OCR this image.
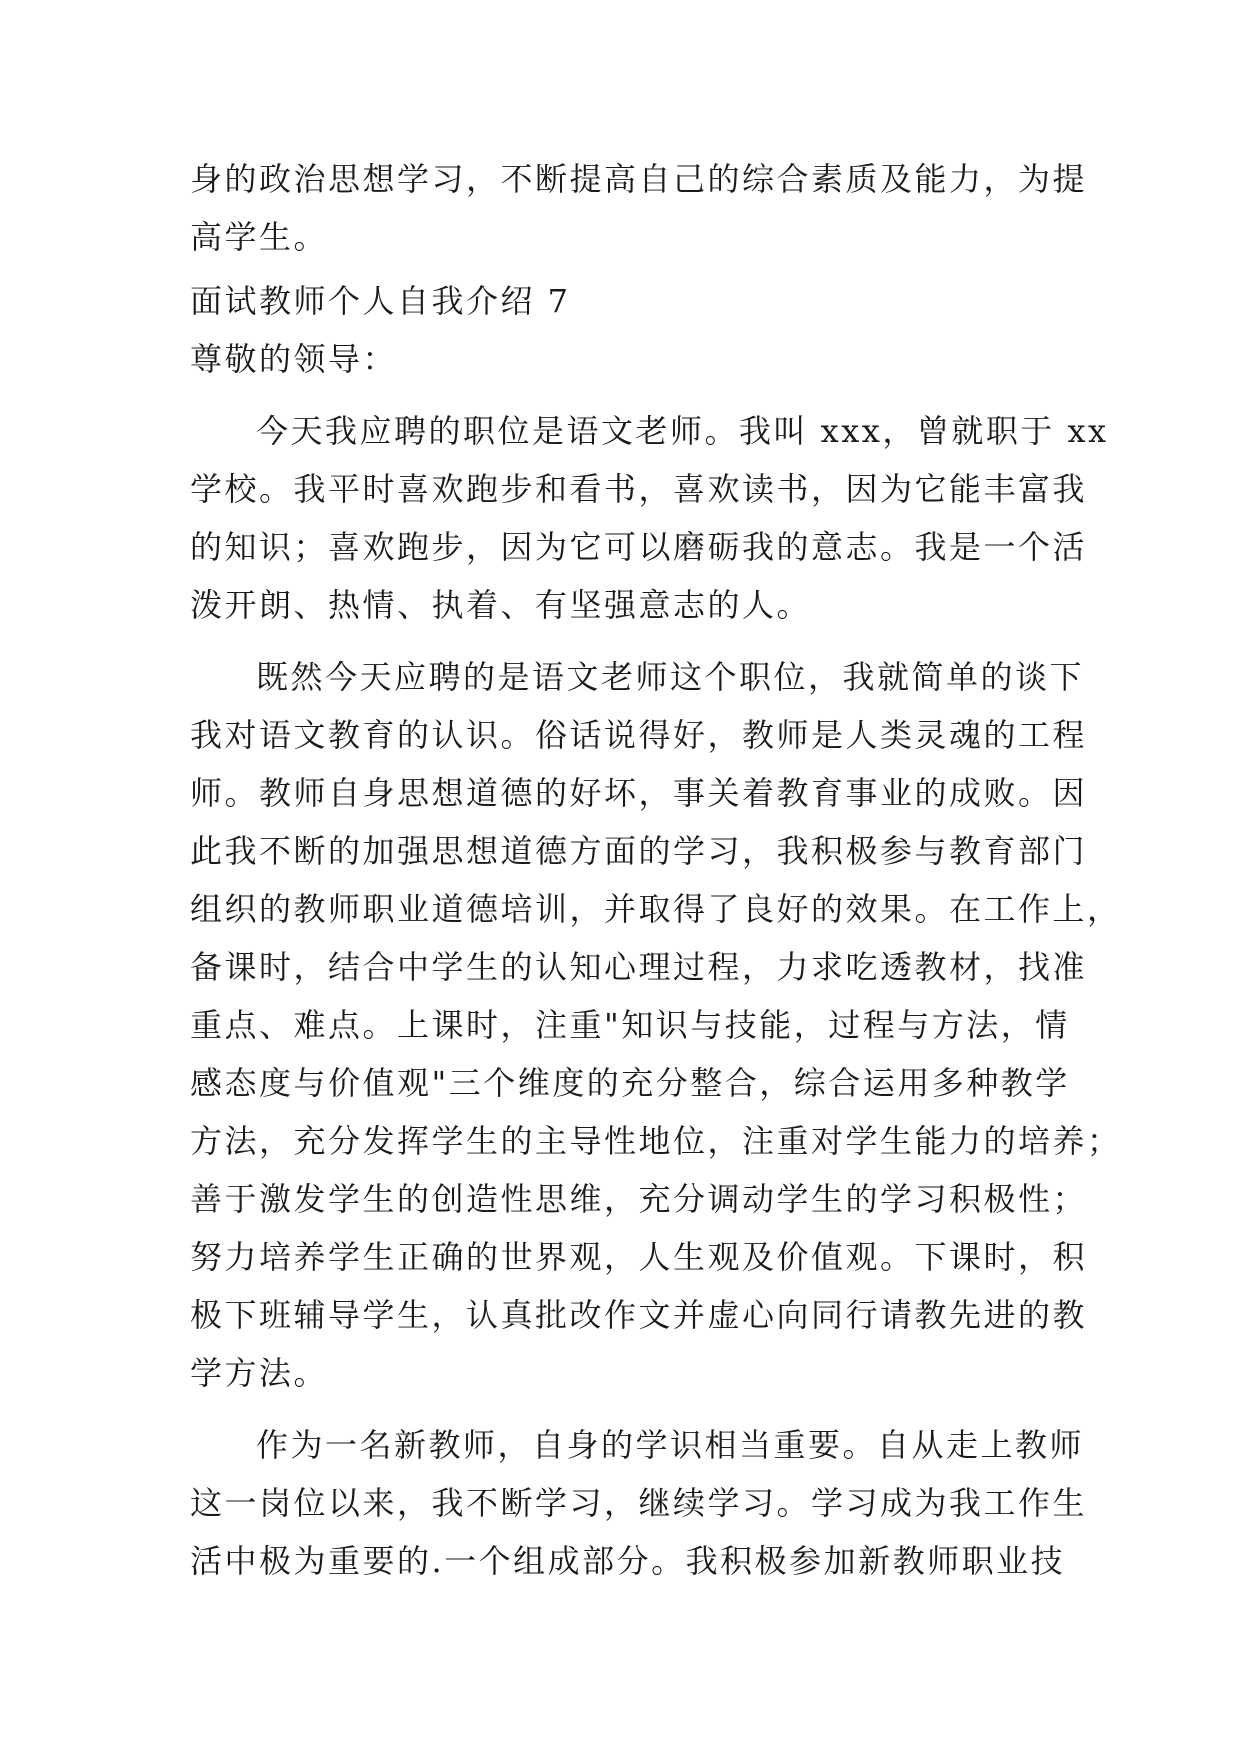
身的政治思想学习，不断提高自己的综合素质及能力，为提
高学生。
面试教师个人自我介绍 7
尊敬的领导：
今天我应聘的职位是语文老师。我叫 xxx，曾就职于 xx
学校。我平时喜欢跑步和看书，喜欢读书，因为它能丰富我
的知识；喜欢跑步，因为它可以磨砺我的意志。我是一个活
泼开朗、热情、执着、有坚强意志的人。
既然今天应聘的是语文老师这个职位，我就简单的谈下
我对语文教育的认识。俗话说得好，教师是人类灵魂的工程
师。教师自身思想道德的好坏，事关着教育事业的成败。因
此我不断的加强思想道德方面的学习，我积极参与教育部门
组织的教师职业道德培训，并取得了良好的效果。在工作上，
备课时，结合中学生的认知心理过程，力求吃透教材，找准
重点、难点。上课时，注重"知识与技能，过程与方法，情
感态度与价值观"三个维度的充分整合，综合运用多种教学
方法，充分发挥学生的主导性地位，注重对学生能力的培养；
善于激发学生的创造性思维，充分调动学生的学习积极性；
努力培养学生正确的世界观，人生观及价值观。下课时，积
极下班辅导学生，认真批改作文并虚心向同行请教先进的教
学方法。
作为一名新教师，自身的学识相当重要。自从走上教师
这一岗位以来，我不断学习，继续学习。学习成为我工作生
活中极为重要的.一个组成部分。我积极参加新教师职业技
